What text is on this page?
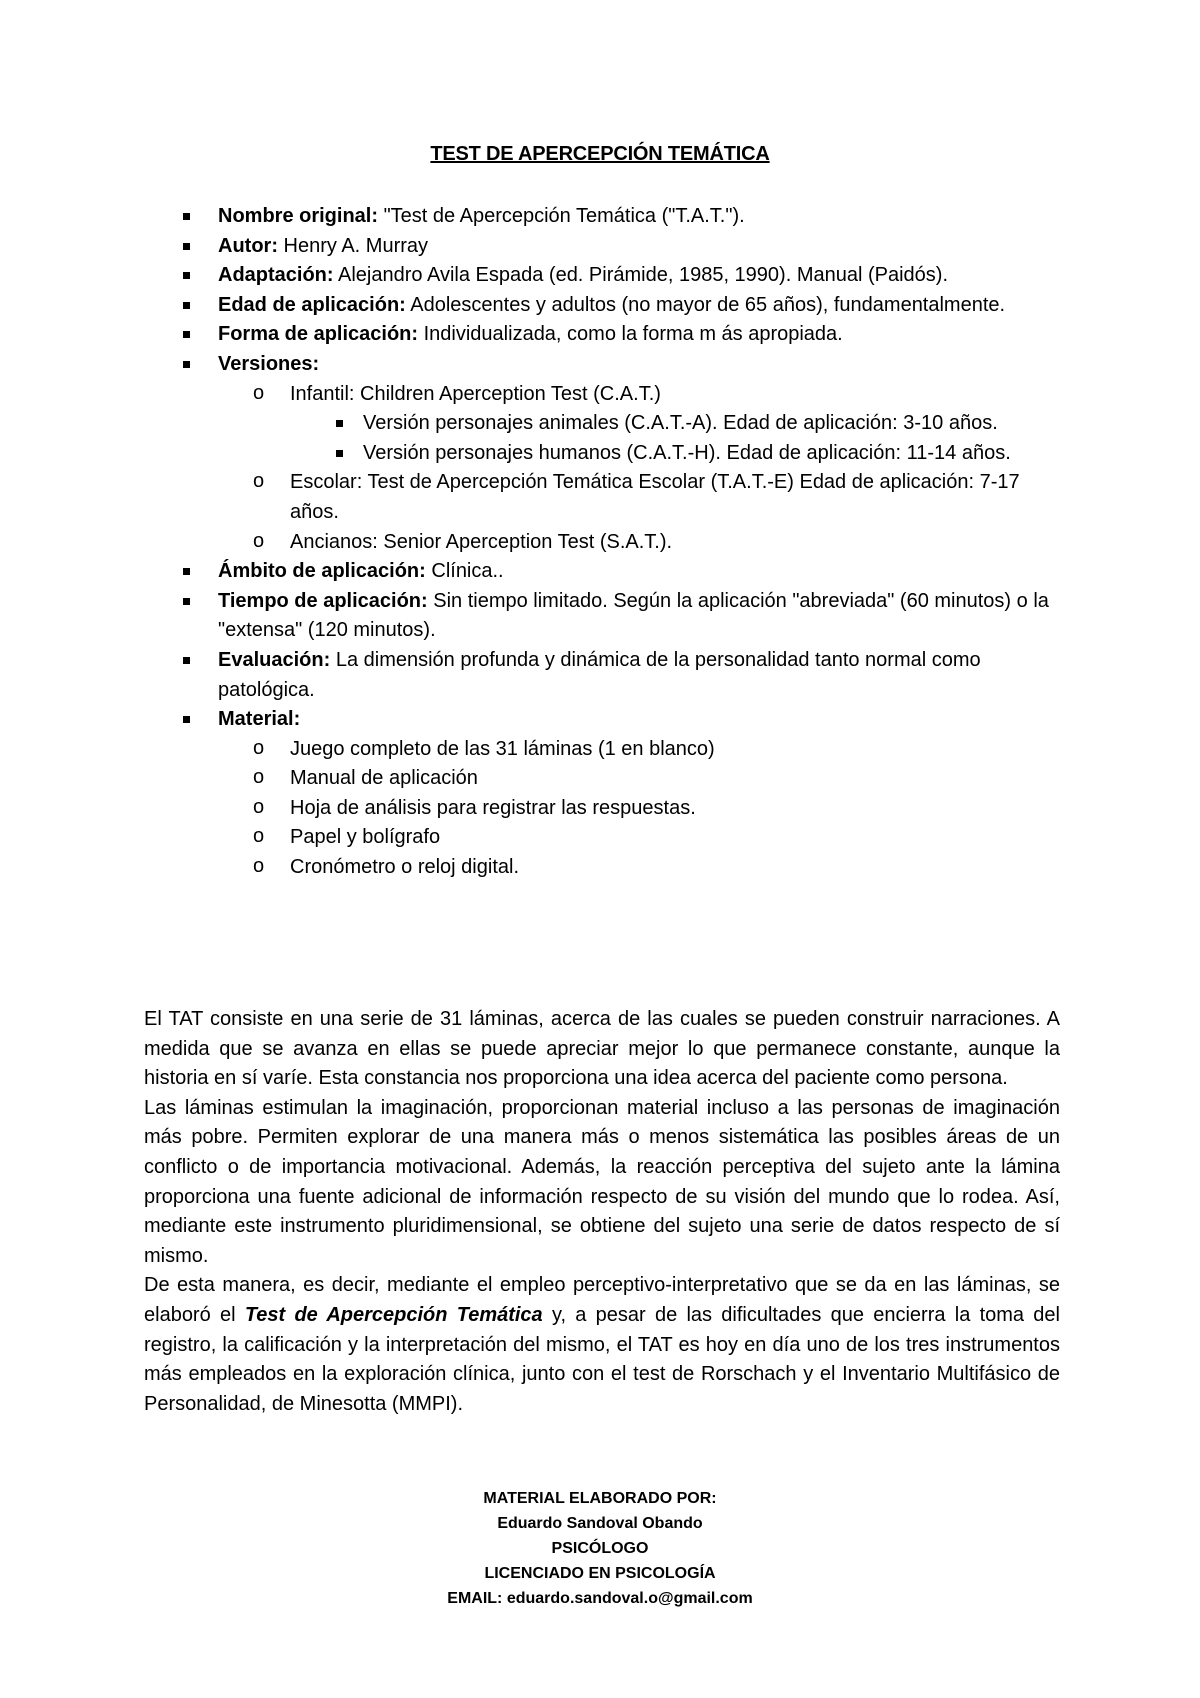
TEST DE APERCEPCIÓN TEMÁTICA
Nombre original: "Test de Apercepción Temática ("T.A.T.").
Autor: Henry A. Murray
Adaptación: Alejandro Avila Espada (ed. Pirámide, 1985, 1990). Manual (Paidós).
Edad de aplicación: Adolescentes y adultos (no mayor de 65 años), fundamentalmente.
Forma de aplicación: Individualizada, como la forma m ás apropiada.
Versiones:
o Infantil: Children Aperception Test (C.A.T.)
Versión personajes animales (C.A.T.-A). Edad de aplicación: 3-10 años.
Versión personajes humanos (C.A.T.-H). Edad de aplicación: 11-14 años.
o Escolar: Test de Apercepción Temática Escolar (T.A.T.-E) Edad de aplicación: 7-17 años.
o Ancianos: Senior Aperception Test (S.A.T.).
Ámbito de aplicación: Clínica..
Tiempo de aplicación: Sin tiempo limitado. Según la aplicación "abreviada" (60 minutos) o la "extensa" (120 minutos).
Evaluación: La dimensión profunda y dinámica de la personalidad tanto normal como patológica.
Material:
o Juego completo de las 31 láminas (1 en blanco)
o Manual de aplicación
o Hoja de análisis para registrar las respuestas.
o Papel y bolígrafo
o Cronómetro o reloj digital.

El TAT consiste en una serie de 31 láminas, acerca de las cuales se pueden construir narraciones. A medida que se avanza en ellas se puede apreciar mejor lo que permanece constante, aunque la historia en sí varíe. Esta constancia nos proporciona una idea acerca del paciente como persona.

Las láminas estimulan la imaginación, proporcionan material incluso a las personas de imaginación más pobre. Permiten explorar de una manera más o menos sistemática las posibles áreas de un conflicto o de importancia motivacional. Además, la reacción perceptiva del sujeto ante la lámina proporciona una fuente adicional de información respecto de su visión del mundo que lo rodea. Así, mediante este instrumento pluridimensional, se obtiene del sujeto una serie de datos respecto de sí mismo.

De esta manera, es decir, mediante el empleo perceptivo-interpretativo que se da en las láminas, se elaboró el Test de Apercepción Temática y, a pesar de las dificultades que encierra la toma del registro, la calificación y la interpretación del mismo, el TAT es hoy en día uno de los tres instrumentos más empleados en la exploración clínica, junto con el test de Rorschach y el Inventario Multifásico de Personalidad, de Minesotta (MMPI).

MATERIAL ELABORADO POR:
Eduardo Sandoval Obando
PSICÓLOGO
LICENCIADO EN PSICOLOGÍA
EMAIL: eduardo.sandoval.o@gmail.com
